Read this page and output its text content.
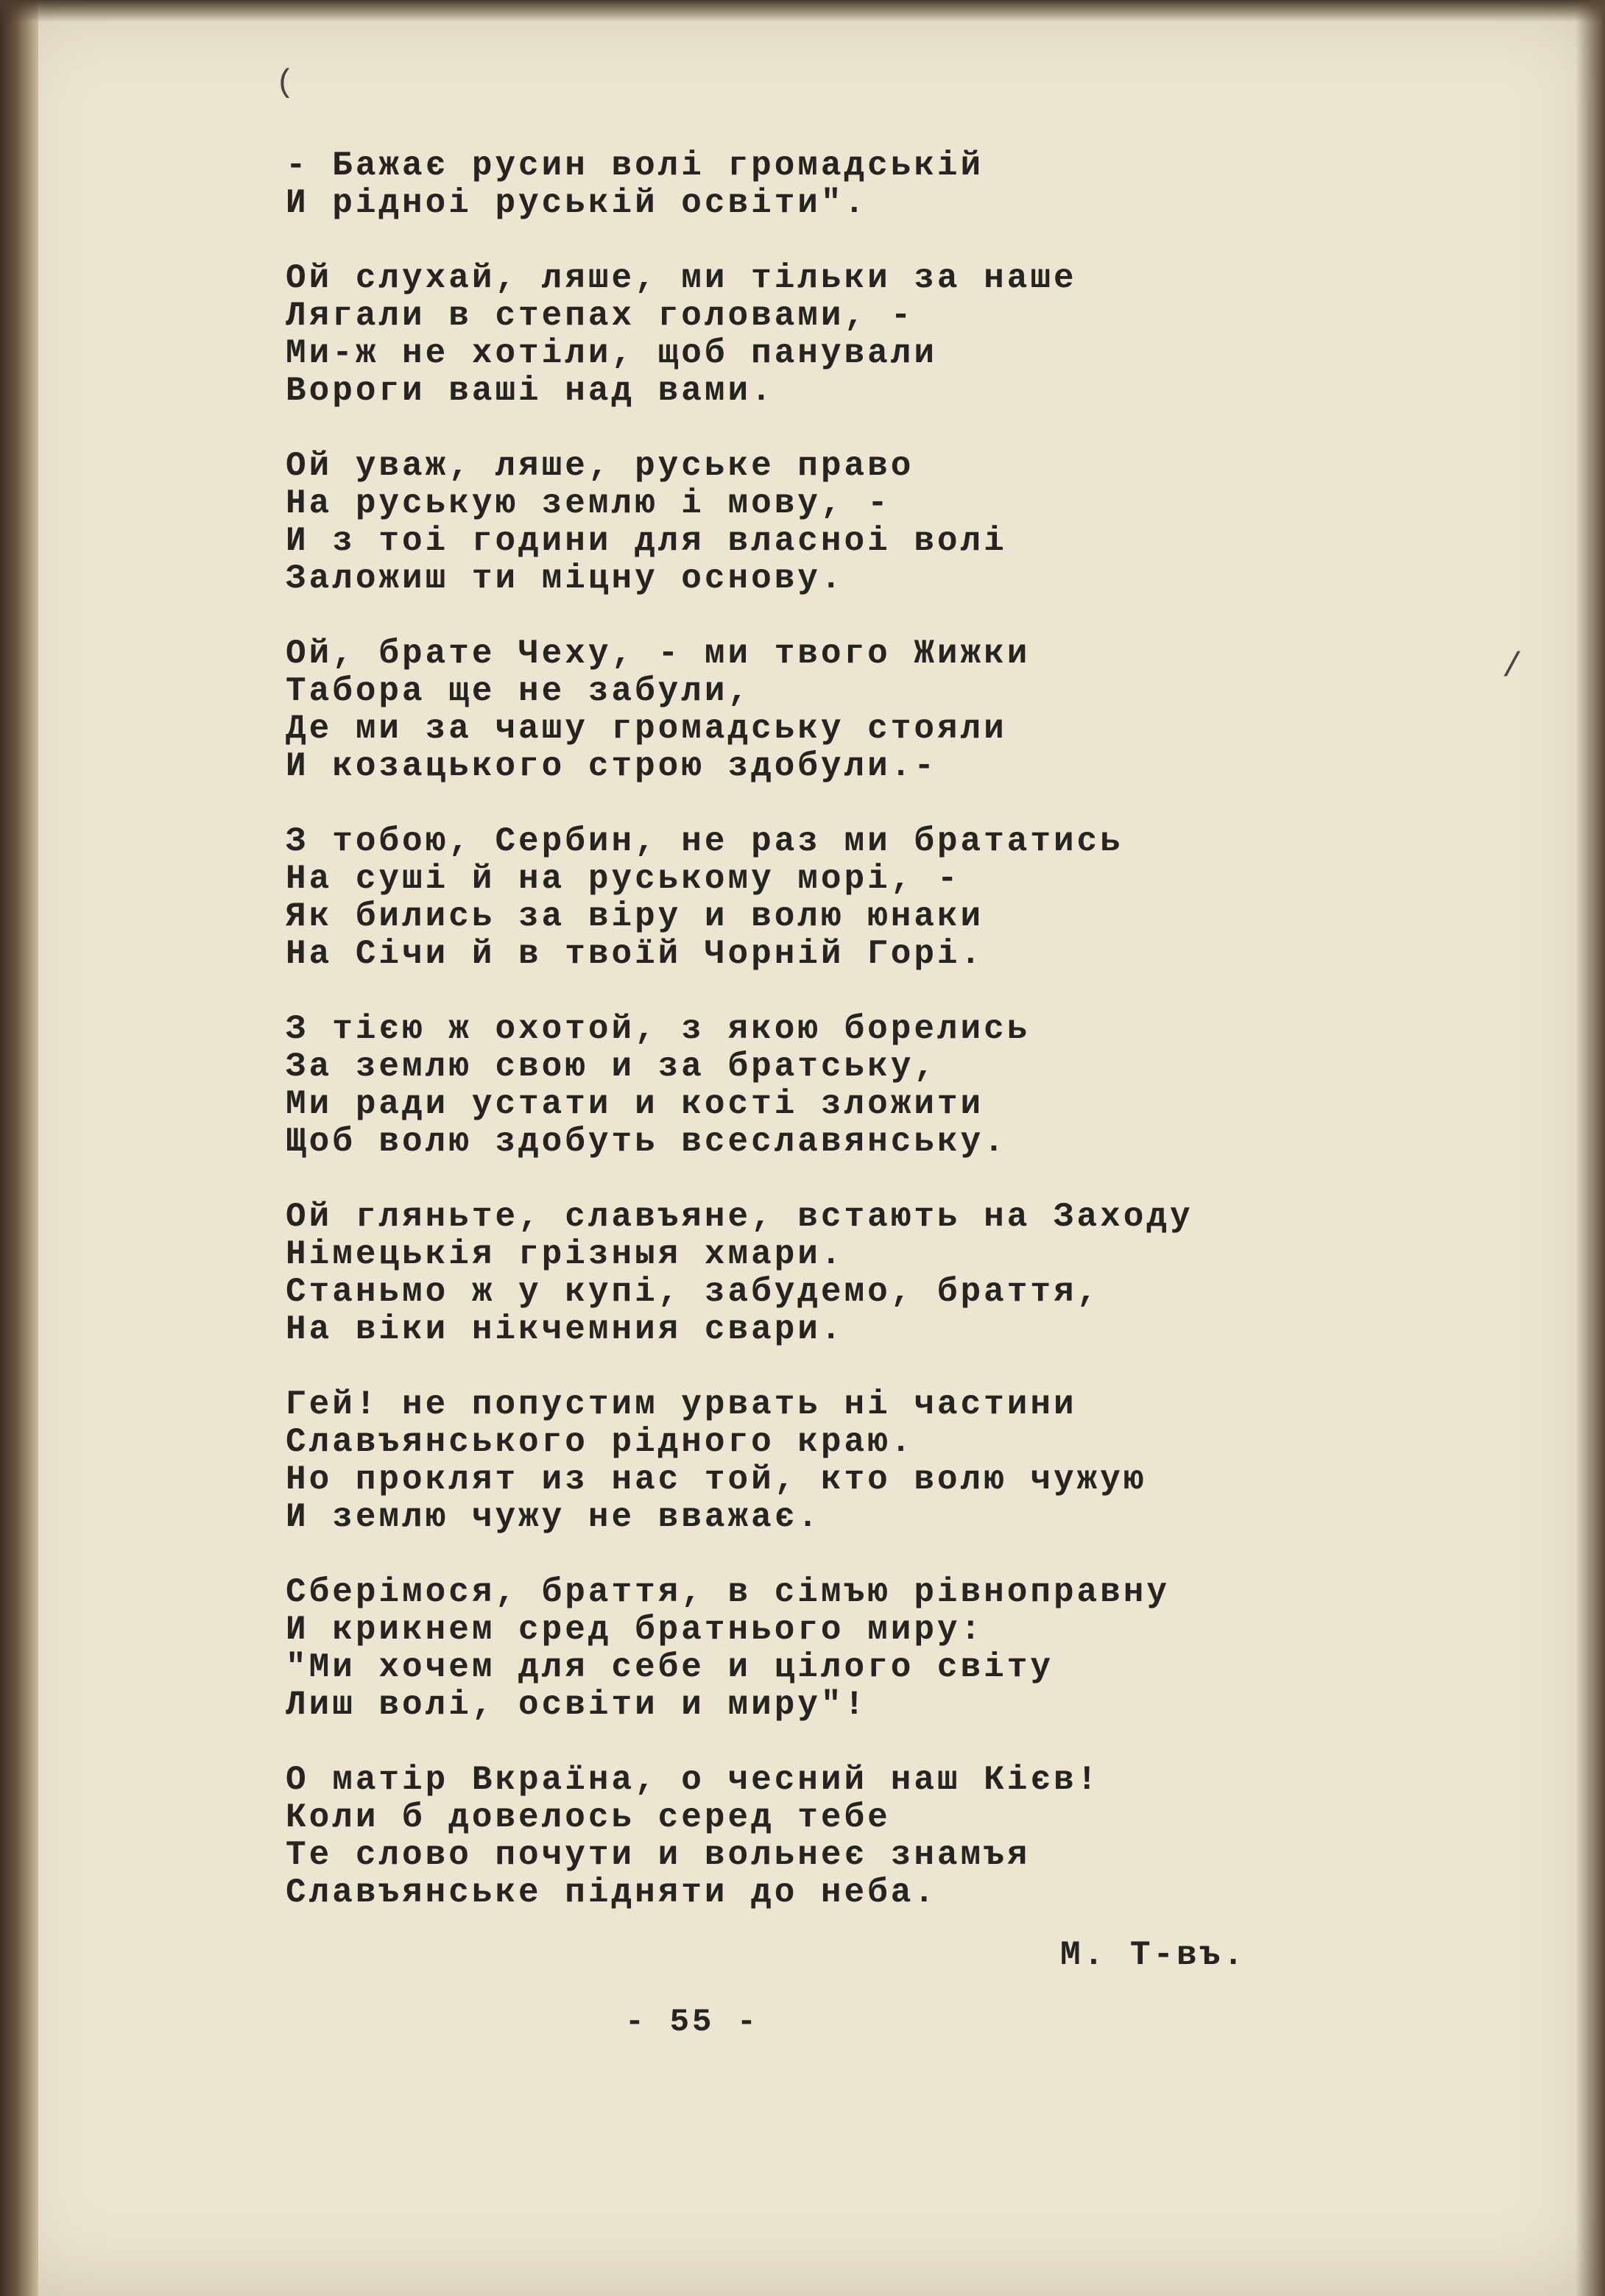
(
/
- Бажає русин волі громадській
И рідноі руській освіти".
Ой слухай, ляше, ми тільки за наше
Лягали в степах головами, -
Ми-ж не хотіли, щоб панували
Вороги ваші над вами.
Ой уваж, ляше, руське право
На руськую землю і мову, -
И з тоі години для власноі волі
Заложиш ти міцну основу.
Ой, брате Чеху, - ми твого Жижки
Табора ще не забули,
Де ми за чашу громадську стояли
И козацького строю здобули.-
З тобою, Сербин, не раз ми брататись
На суші й на руському морі, -
Як бились за віру и волю юнаки
На Січи й в твоїй Чорній Горі.
З тією ж охотой, з якою борелись
За землю свою и за братську,
Ми ради устати и кості зложити
Щоб волю здобуть всеславянську.
Ой гляньте, славъяне, встають на Заходу
Німецькія грізныя хмари.
Станьмо ж у купі, забудемо, браття,
На віки нікчемния свари.
Гей! не попустим урвать ні частини
Славъянського рідного краю.
Но проклят из нас той, кто волю чужую
И землю чужу не вважає.
Сберімося, браття, в сімъю рівноправну
И крикнем сред братнього миру:
"Ми хочем для себе и цілого світу
Лиш волі, освіти и миру"!
О матір Вкраїна, о чесний наш Кієв!
Коли б довелось серед тебе
Те слово почути и вольнеє знамъя
Славъянське підняти до неба.
М. Т-въ.
- 55 -
